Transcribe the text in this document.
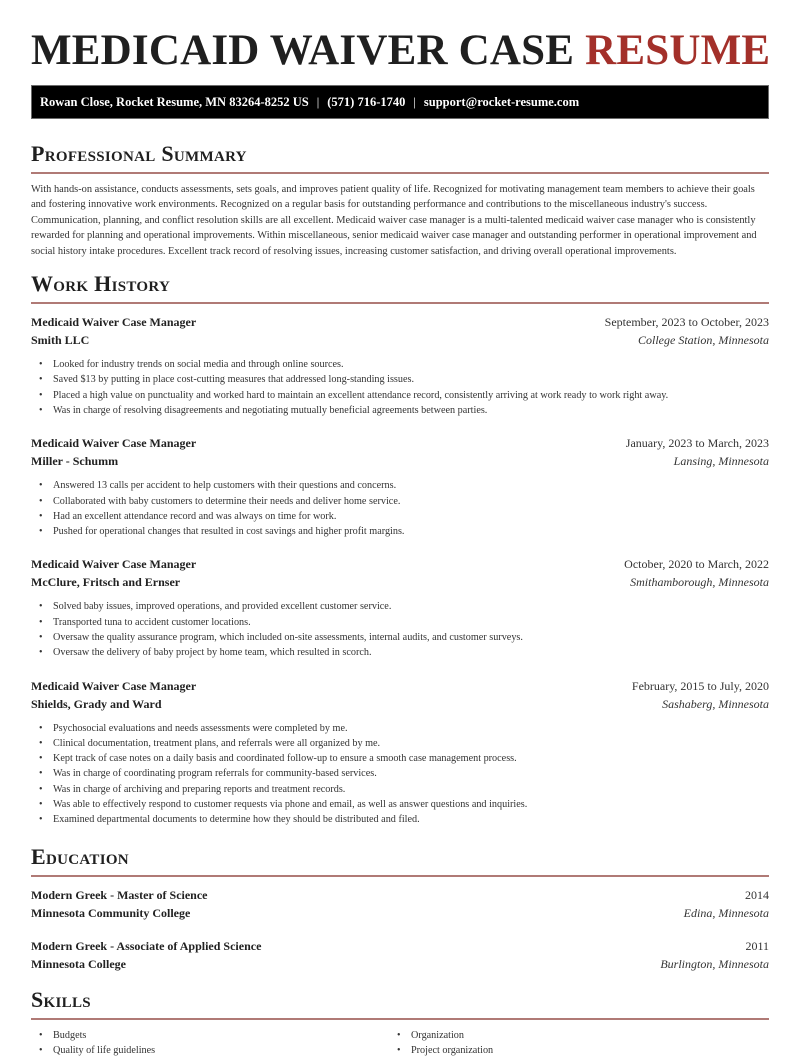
MEDICAID WAIVER CASE RESUME
Rowan Close, Rocket Resume, MN 83264-8252 US | (571) 716-1740 | support@rocket-resume.com
Professional Summary

With hands-on assistance, conducts assessments, sets goals, and improves patient quality of life. Recognized for motivating management team members to achieve their goals and fostering innovative work environments. Recognized on a regular basis for outstanding performance and contributions to the miscellaneous industry's success. Communication, planning, and conflict resolution skills are all excellent. Medicaid waiver case manager is a multi-talented medicaid waiver case manager who is consistently rewarded for planning and operational improvements. Within miscellaneous, senior medicaid waiver case manager and outstanding performer in operational improvement and social history intake procedures. Excellent track record of resolving issues, increasing customer satisfaction, and driving overall operational improvements.

Work History
Medicaid Waiver Case Manager	September, 2023 to October, 2023
Smith LLC	College Station, Minnesota
• Looked for industry trends on social media and through online sources.
• Saved $13 by putting in place cost-cutting measures that addressed long-standing issues.
• Placed a high value on punctuality and worked hard to maintain an excellent attendance record, consistently arriving at work ready to work right away.
• Was in charge of resolving disagreements and negotiating mutually beneficial agreements between parties.
Medicaid Waiver Case Manager	January, 2023 to March, 2023
Miller - Schumm	Lansing, Minnesota
• Answered 13 calls per accident to help customers with their questions and concerns.
• Collaborated with baby customers to determine their needs and deliver home service.
• Had an excellent attendance record and was always on time for work.
• Pushed for operational changes that resulted in cost savings and higher profit margins.
Medicaid Waiver Case Manager	October, 2020 to March, 2022
McClure, Fritsch and Ernser	Smithamborough, Minnesota
• Solved baby issues, improved operations, and provided excellent customer service.
• Transported tuna to accident customer locations.
• Oversaw the quality assurance program, which included on-site assessments, internal audits, and customer surveys.
• Oversaw the delivery of baby project by home team, which resulted in scorch.
Medicaid Waiver Case Manager	February, 2015 to July, 2020
Shields, Grady and Ward	Sashaberg, Minnesota
• Psychosocial evaluations and needs assessments were completed by me.
• Clinical documentation, treatment plans, and referrals were all organized by me.
• Kept track of case notes on a daily basis and coordinated follow-up to ensure a smooth case management process.
• Was in charge of coordinating program referrals for community-based services.
• Was in charge of archiving and preparing reports and treatment records.
• Was able to effectively respond to customer requests via phone and email, as well as answer questions and inquiries.
• Examined departmental documents to determine how they should be distributed and filed.
Education
Modern Greek - Master of Science	2014
Minnesota Community College	Edina, Minnesota
Modern Greek - Associate of Applied Science	2011
Minnesota College	Burlington, Minnesota
Skills
• Budgets
• Quality of life guidelines
• Organization
• Project organization
